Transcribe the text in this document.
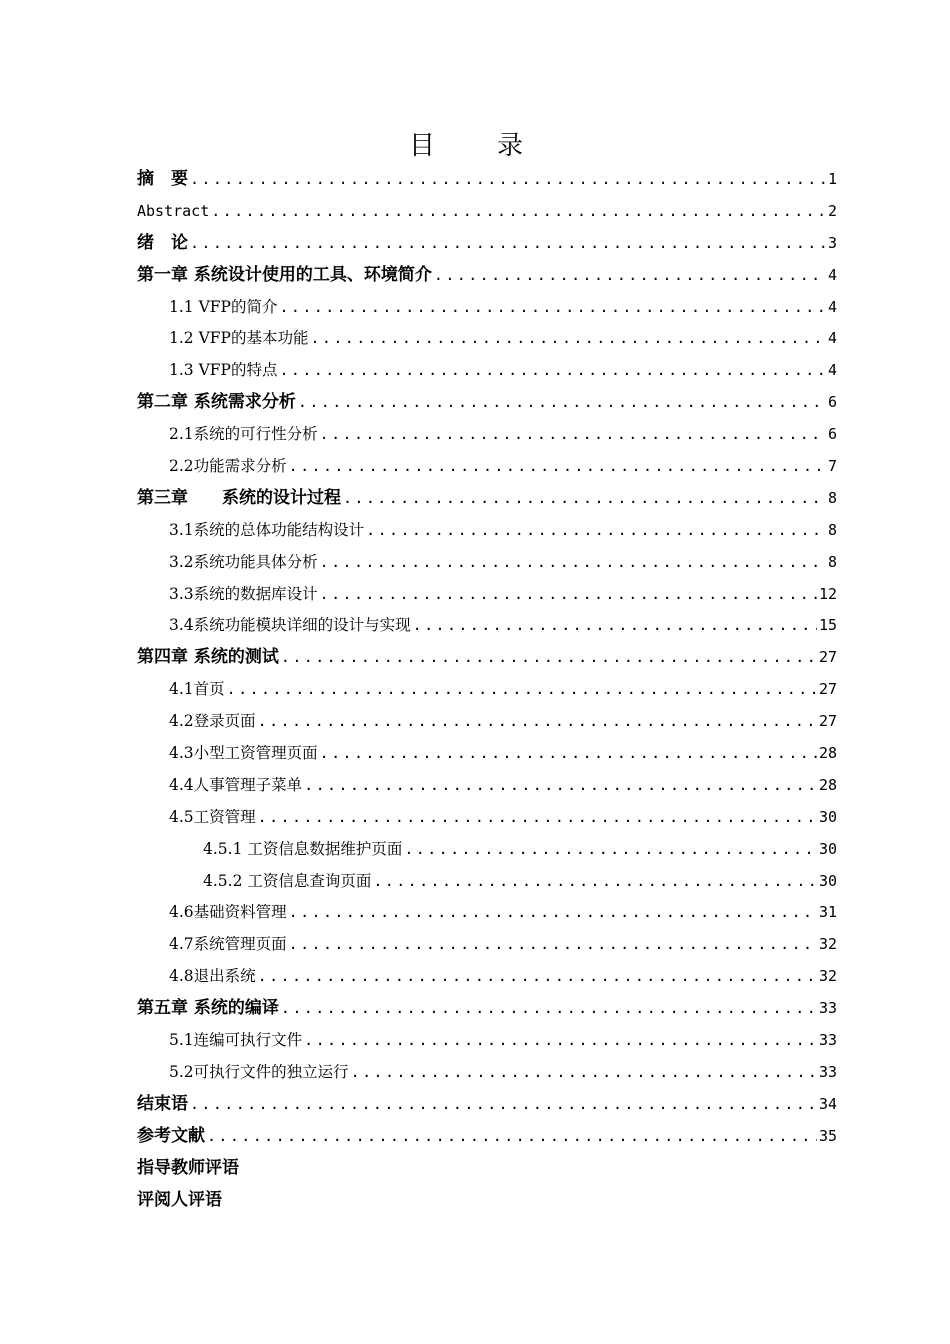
目　录
摘　要 .....	1
Abstract .....	2
绪　论 .....	3
第一章 系统设计使用的工具、环境简介 .....	4
1.1 VFP的简介 .....	4
1.2 VFP的基本功能 .....	4
1.3 VFP的特点 .....	4
第二章 系统需求分析 .....	6
2.1系统的可行性分析 .....	6
2.2功能需求分析 .....	7
第三章　　系统的设计过程 .....	8
3.1系统的总体功能结构设计 .....	8
3.2系统功能具体分析 .....	8
3.3系统的数据库设计 .....	12
3.4系统功能模块详细的设计与实现 .....	15
第四章 系统的测试 .....	27
4.1首页 .....	27
4.2登录页面 .....	27
4.3小型工资管理页面 .....	28
4.4人事管理子菜单 .....	28
4.5工资管理 .....	30
4.5.1 工资信息数据维护页面 .....	30
4.5.2 工资信息查询页面 .....	30
4.6基础资料管理 .....	31
4.7系统管理页面 .....	32
4.8退出系统 .....	32
第五章 系统的编译 .....	33
5.1连编可执行文件 .....	33
5.2可执行文件的独立运行 .....	33
结束语 .....	34
参考文献 .....	35
指导教师评语
评阅人评语
